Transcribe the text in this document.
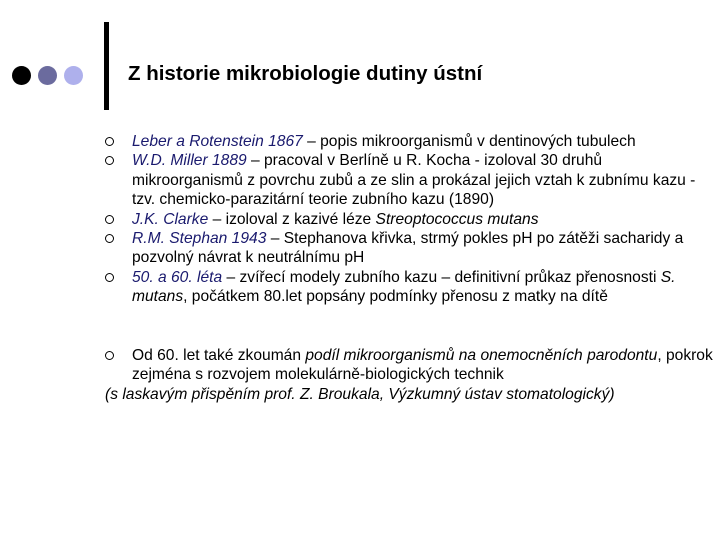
Z historie mikrobiologie dutiny ústní
Leber a Rotenstein 1867 – popis mikroorganismů v dentinových tubulech
W.D. Miller 1889 – pracoval v Berlíně u R. Kocha - izoloval 30 druhů mikroorganismů z povrchu zubů a ze slin a prokázal jejich vztah k zubnímu kazu - tzv. chemicko-parazitární teorie zubního kazu (1890)
J.K. Clarke – izoloval z kazivé léze Streoptococcus mutans
R.M. Stephan 1943 – Stephanova křivka, strmý pokles pH po zátěži sacharidy a pozvolný návrat k neutrálnímu pH
50. a 60. léta – zvířecí modely zubního kazu – definitivní průkaz přenosnosti S. mutans, počátkem 80.let popsány podmínky přenosu z matky na dítě
Od 60. let také zkoumán podíl mikroorganismů na onemocněních parodontu, pokrok zejména s rozvojem molekulárně-biologických technik
(s laskavým přispěním prof. Z. Broukala, Výzkumný ústav stomatologický)
